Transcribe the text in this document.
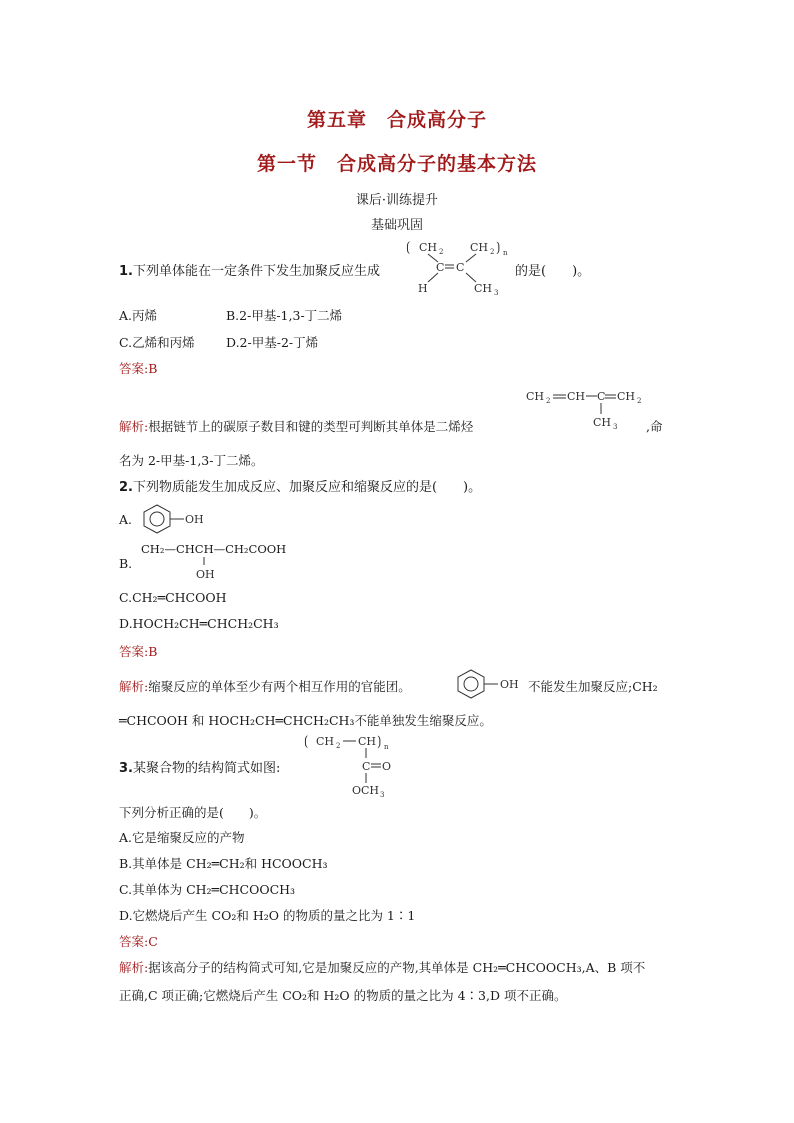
第五章　合成高分子
第一节　合成高分子的基本方法
课后·训练提升
基础巩固
1.下列单体能在一定条件下发生加聚反应生成
⟮ CH 2 CH 2 ⟯ n
C C
H	CH 3
的是(　　)。
A.丙烯	B.2-甲基-1,3-丁二烯
C.乙烯和丙烯	D.2-甲基-2-丁烯
答案:B
CH 2 CH C CH 2
CH 3
解析:根据链节上的碳原子数目和键的类型可判断其单体是二烯烃	,命
名为 2-甲基-1,3-丁二烯。
2.下列物质能发生加成反应、加聚反应和缩聚反应的是(　　)。
A.	OH
B.
CH₂—CHCH—CH₂COOH
OH
C.CH₂═CHCOOH
D.HOCH₂CH═CHCH₂CH₃
答案:B
解析:缩聚反应的单体至少有两个相互作用的官能团。	OH 不能发生加聚反应;CH₂
═CHCOOH 和 HOCH₂CH═CHCH₂CH₃不能单独发生缩聚反应。
3.某聚合物的结构简式如图:
⟮ CH 2 CH ⟯ n
C O
OCH 3
下列分析正确的是(　　)。
A.它是缩聚反应的产物
B.其单体是 CH₂═CH₂和 HCOOCH₃
C.其单体为 CH₂═CHCOOCH₃
D.它燃烧后产生 CO₂和 H₂O 的物质的量之比为 1∶1
答案:C
解析:据该高分子的结构简式可知,它是加聚反应的产物,其单体是 CH₂═CHCOOCH₃,A、B 项不
正确,C 项正确;它燃烧后产生 CO₂和 H₂O 的物质的量之比为 4∶3,D 项不正确。
